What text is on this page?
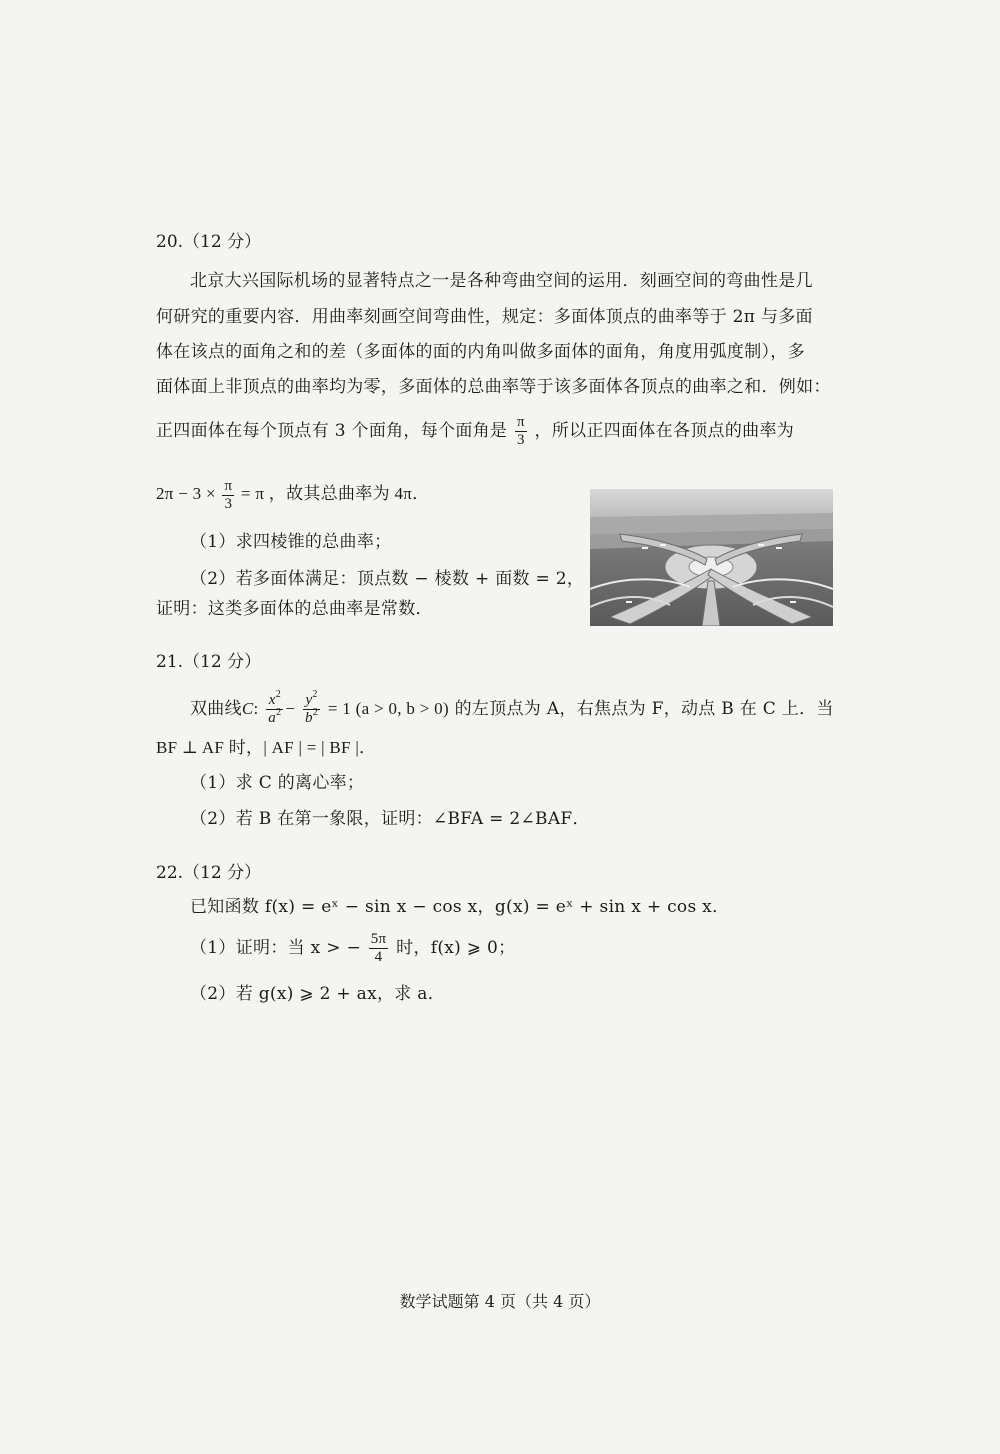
20.（12 分）
北京大兴国际机场的显著特点之一是各种弯曲空间的运用．刻画空间的弯曲性是几
何研究的重要内容．用曲率刻画空间弯曲性，规定：多面体顶点的曲率等于 2π 与多面
体在该点的面角之和的差（多面体的面的内角叫做多面体的面角，角度用弧度制），多
面体面上非顶点的曲率均为零，多面体的总曲率等于该多面体各顶点的曲率之和．例如：
正四面体在每个顶点有 3 个面角，每个面角是 $\frac{\pi}{3}$ ，所以正四面体在各顶点的曲率为
$2\pi - 3 \times \frac{\pi}{3} = \pi$ ，故其总曲率为 4π．
（1）求四棱锥的总曲率；
（2）若多面体满足：顶点数 − 棱数 + 面数 = 2，
证明：这类多面体的总曲率是常数．
21.（12 分）
双曲线C: $\frac{x^2}{a^2} - \frac{y^2}{b^2} = 1$ (a > 0, b > 0) 的左顶点为 A，右焦点为 F，动点 B 在 C 上．当
BF ⊥ AF 时，| AF | = | BF |．
（1）求 C 的离心率；
（2）若 B 在第一象限，证明：∠BFA = 2∠BAF．
22.（12 分）
已知函数 f(x) = eˣ − sin x − cos x，g(x) = eˣ + sin x + cos x．
（1）证明：当 x > − $\frac{5\pi}{4}$ 时，f(x) ⩾ 0；
（2）若 g(x) ⩾ 2 + ax，求 a．
数学试题第 4 页（共 4 页）
